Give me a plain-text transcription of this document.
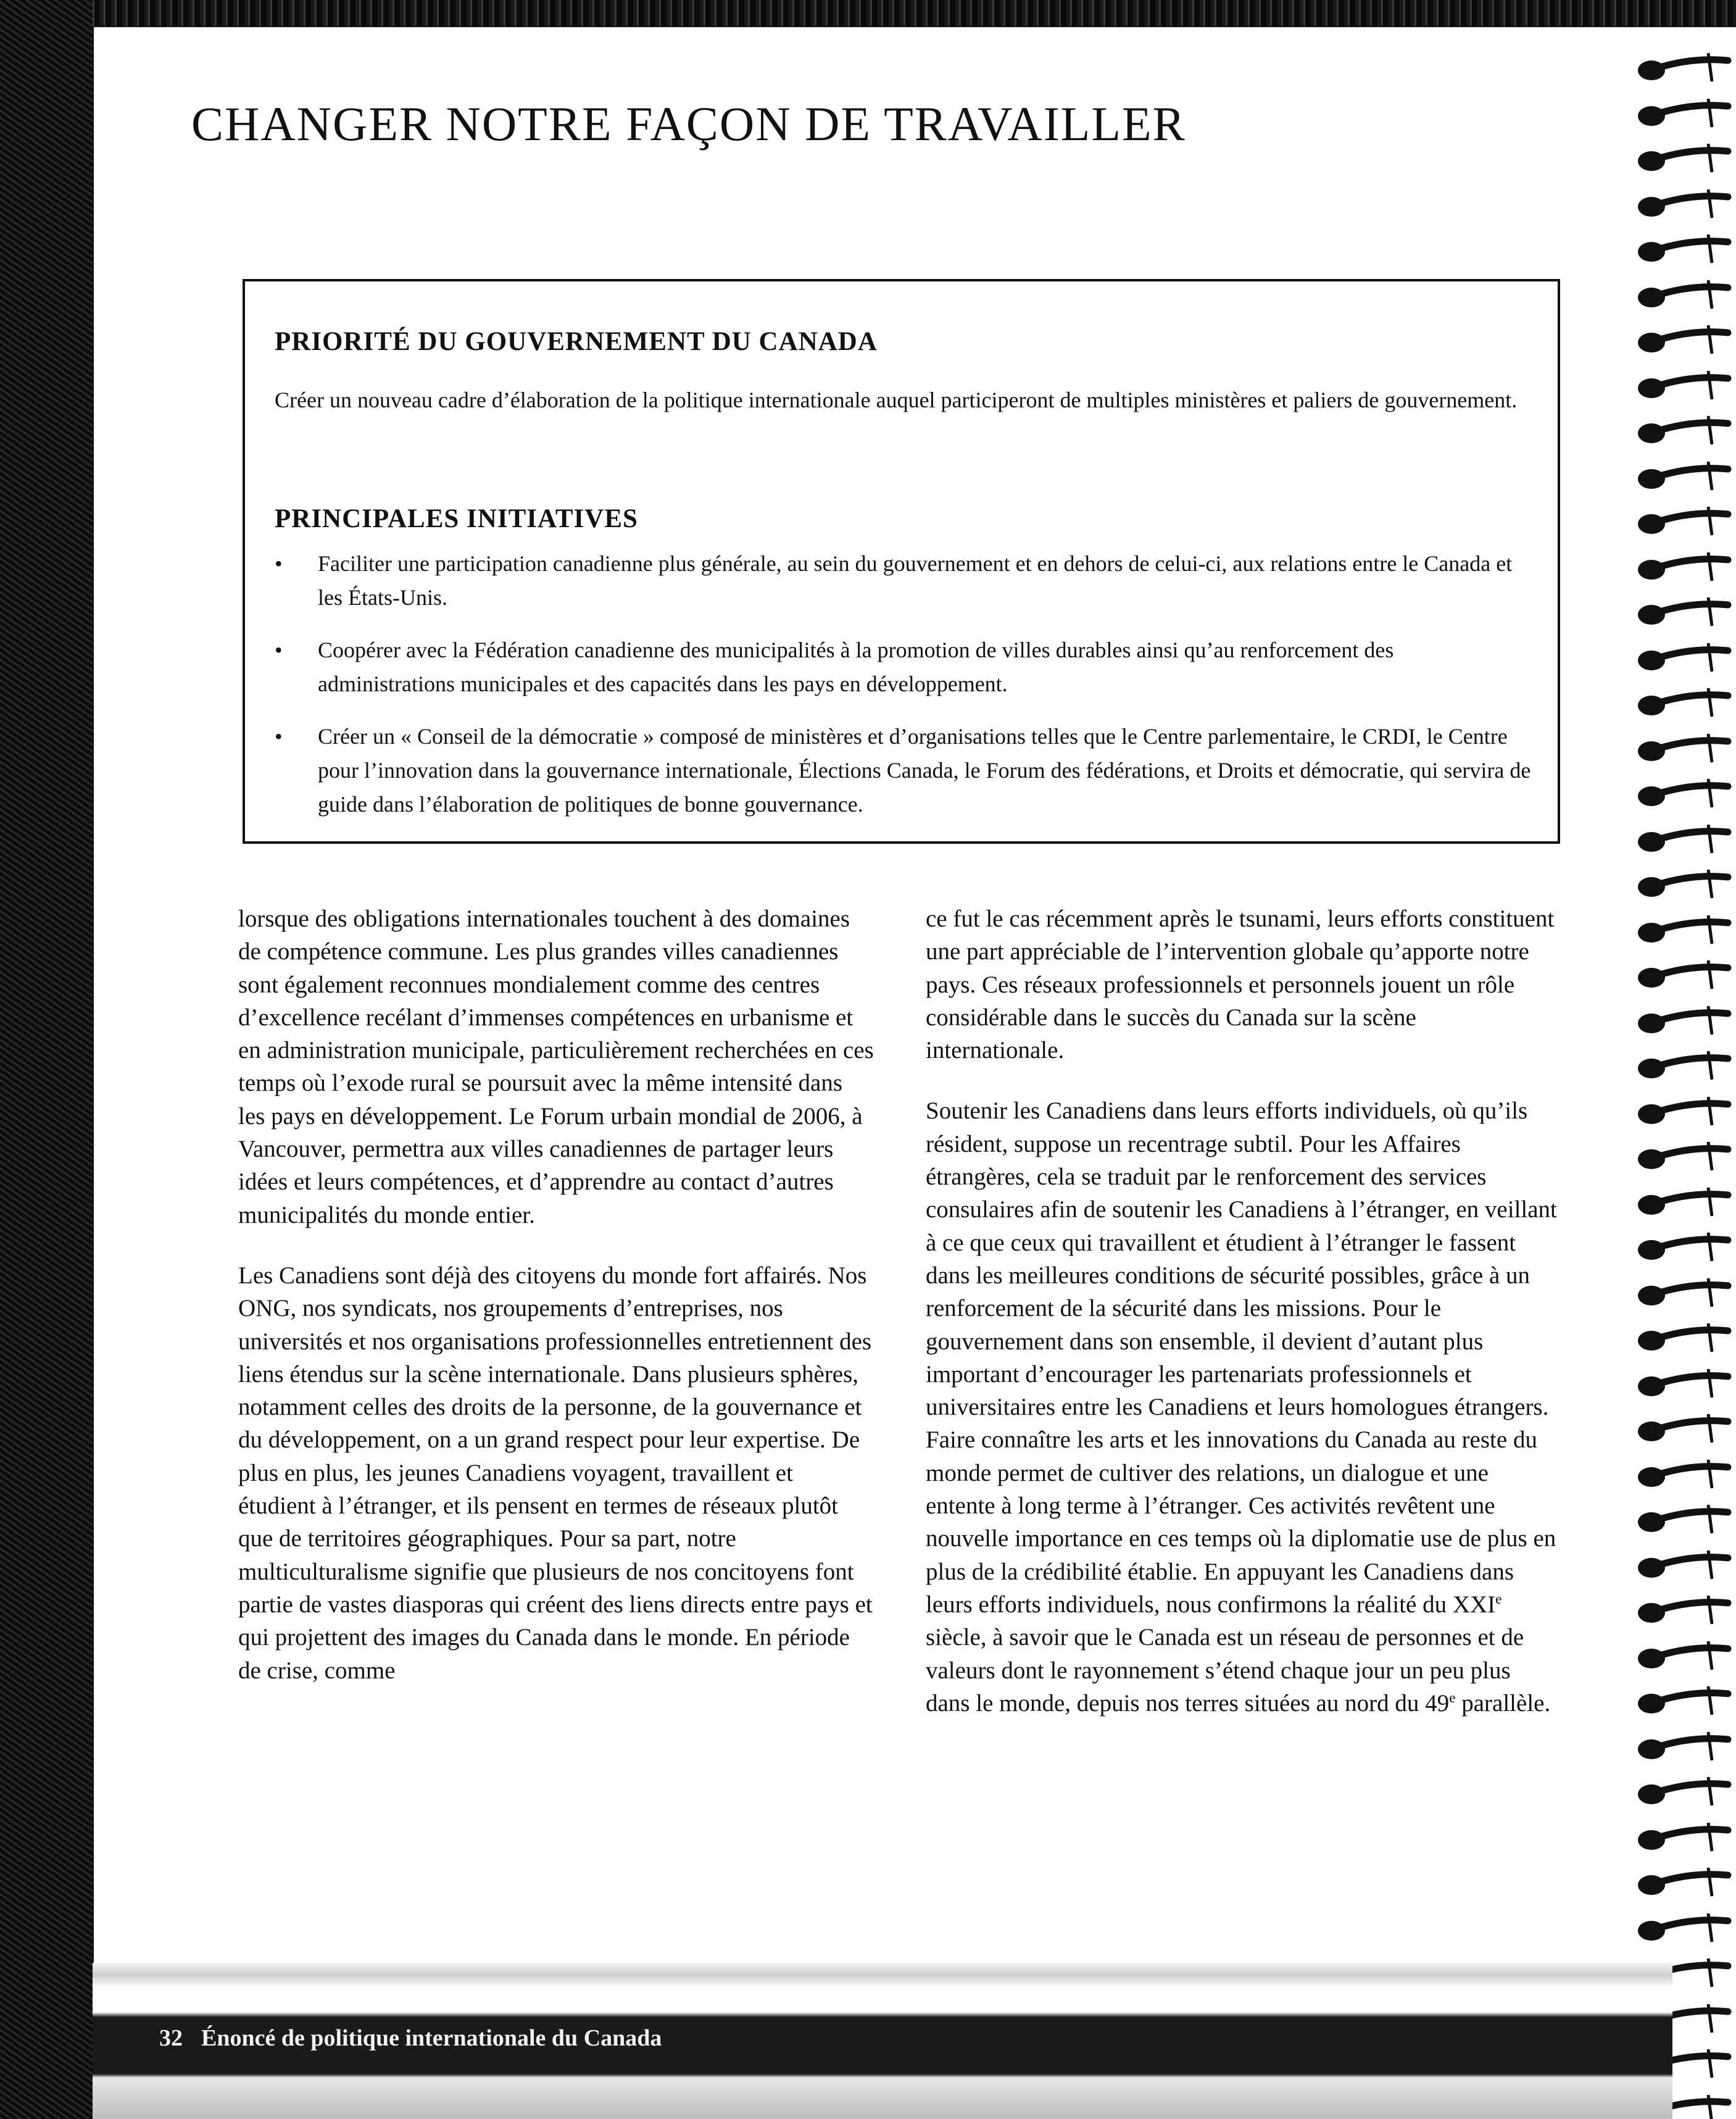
CHANGER NOTRE FAÇON DE TRAVAILLER
PRIORITÉ DU GOUVERNEMENT DU CANADA
Créer un nouveau cadre d’élaboration de la politique internationale auquel participeront de multiples ministères et paliers de gouvernement.
PRINCIPALES INITIATIVES
•	Faciliter une participation canadienne plus générale, au sein du gouvernement et en dehors de celui-ci, aux relations entre le Canada et les États-Unis.
•	Coopérer avec la Fédération canadienne des municipalités à la promotion de villes durables ainsi qu’au renforcement des administrations municipales et des capacités dans les pays en développement.
•	Créer un « Conseil de la démocratie » composé de ministères et d’organisations telles que le Centre parlementaire, le CRDI, le Centre pour l’innovation dans la gouvernance internationale, Élections Canada, le Forum des fédérations, et Droits et démocratie, qui servira de guide dans l’élaboration de politiques de bonne gouvernance.

lorsque des obligations internationales touchent à des domaines de compétence commune. Les plus grandes villes canadiennes sont également reconnues mondialement comme des centres d’excellence recélant d’immenses compétences en urbanisme et en administration municipale, particulièrement recherchées en ces temps où l’exode rural se poursuit avec la même intensité dans les pays en développement. Le Forum urbain mondial de 2006, à Vancouver, permettra aux villes canadiennes de partager leurs idées et leurs compétences, et d’apprendre au contact d’autres municipalités du monde entier.

Les Canadiens sont déjà des citoyens du monde fort affairés. Nos ONG, nos syndicats, nos groupements d’entreprises, nos universités et nos organisations professionnelles entretiennent des liens étendus sur la scène internationale. Dans plusieurs sphères, notamment celles des droits de la personne, de la gouvernance et du développement, on a un grand respect pour leur expertise. De plus en plus, les jeunes Canadiens voyagent, travaillent et étudient à l’étranger, et ils pensent en termes de réseaux plutôt que de territoires géographiques. Pour sa part, notre multiculturalisme signifie que plusieurs de nos concitoyens font partie de vastes diasporas qui créent des liens directs entre pays et qui projettent des images du Canada dans le monde. En période de crise, comme

ce fut le cas récemment après le tsunami, leurs efforts constituent une part appréciable de l’intervention globale qu’apporte notre pays. Ces réseaux professionnels et personnels jouent un rôle considérable dans le succès du Canada sur la scène internationale.

Soutenir les Canadiens dans leurs efforts individuels, où qu’ils résident, suppose un recentrage subtil. Pour les Affaires étrangères, cela se traduit par le renforcement des services consulaires afin de soutenir les Canadiens à l’étranger, en veillant à ce que ceux qui travaillent et étudient à l’étranger le fassent dans les meilleures conditions de sécurité possibles, grâce à un renforcement de la sécurité dans les missions. Pour le gouvernement dans son ensemble, il devient d’autant plus important d’encourager les partenariats professionnels et universitaires entre les Canadiens et leurs homologues étrangers. Faire connaître les arts et les innovations du Canada au reste du monde permet de cultiver des relations, un dialogue et une entente à long terme à l’étranger. Ces activités revêtent une nouvelle importance en ces temps où la diplomatie use de plus en plus de la crédibilité établie. En appuyant les Canadiens dans leurs efforts individuels, nous confirmons la réalité du XXIe siècle, à savoir que le Canada est un réseau de personnes et de valeurs dont le rayonnement s’étend chaque jour un peu plus dans le monde, depuis nos terres situées au nord du 49e parallèle.

32 Énoncé de politique internationale du Canada
